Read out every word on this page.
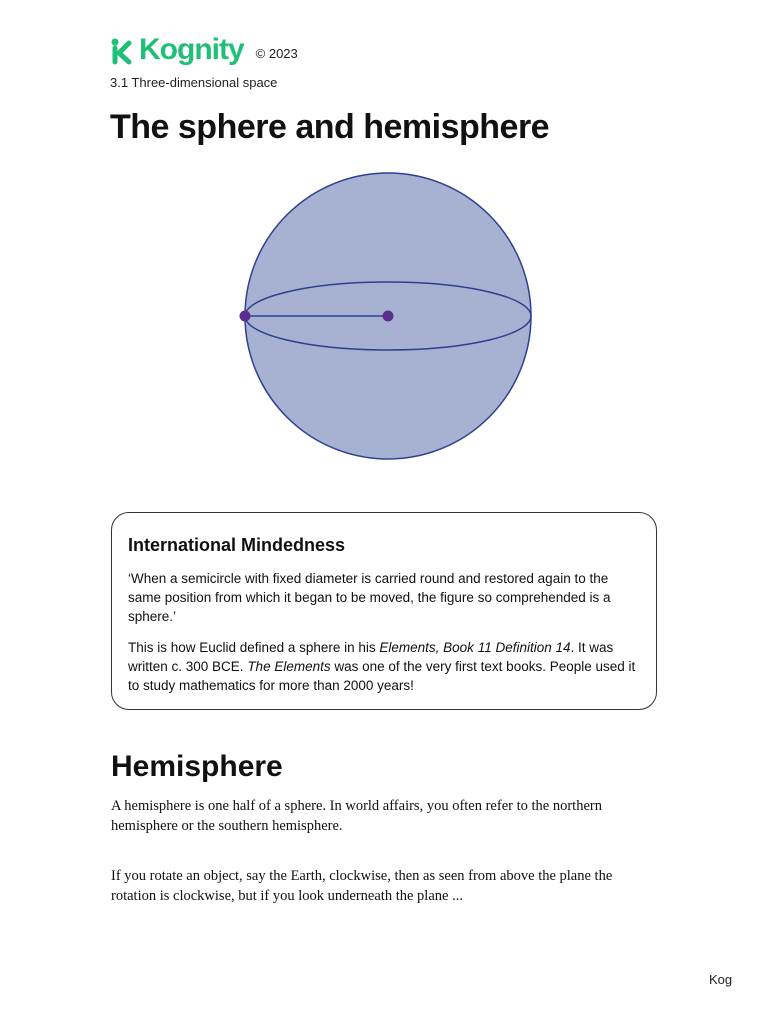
Kognity © 2023
3.1 Three-dimensional space
The sphere and hemisphere
International Mindedness

‘When a semicircle with fixed diameter is carried round and restored again to the same position from which it began to be moved, the figure so comprehended is a sphere.’

This is how Euclid defined a sphere in his Elements, Book 11 Definition 14. It was written c. 300 BCE. The Elements was one of the very first text books. People used it to study mathematics for more than 2000 years!

Hemisphere

A hemisphere is one half of a sphere. In world affairs, you often refer to the northern hemisphere or the southern hemisphere.

If you rotate an object, say the Earth, clockwise, then as seen from above the plane the rotation is clockwise, but if you look underneath the plane ...

Kog
